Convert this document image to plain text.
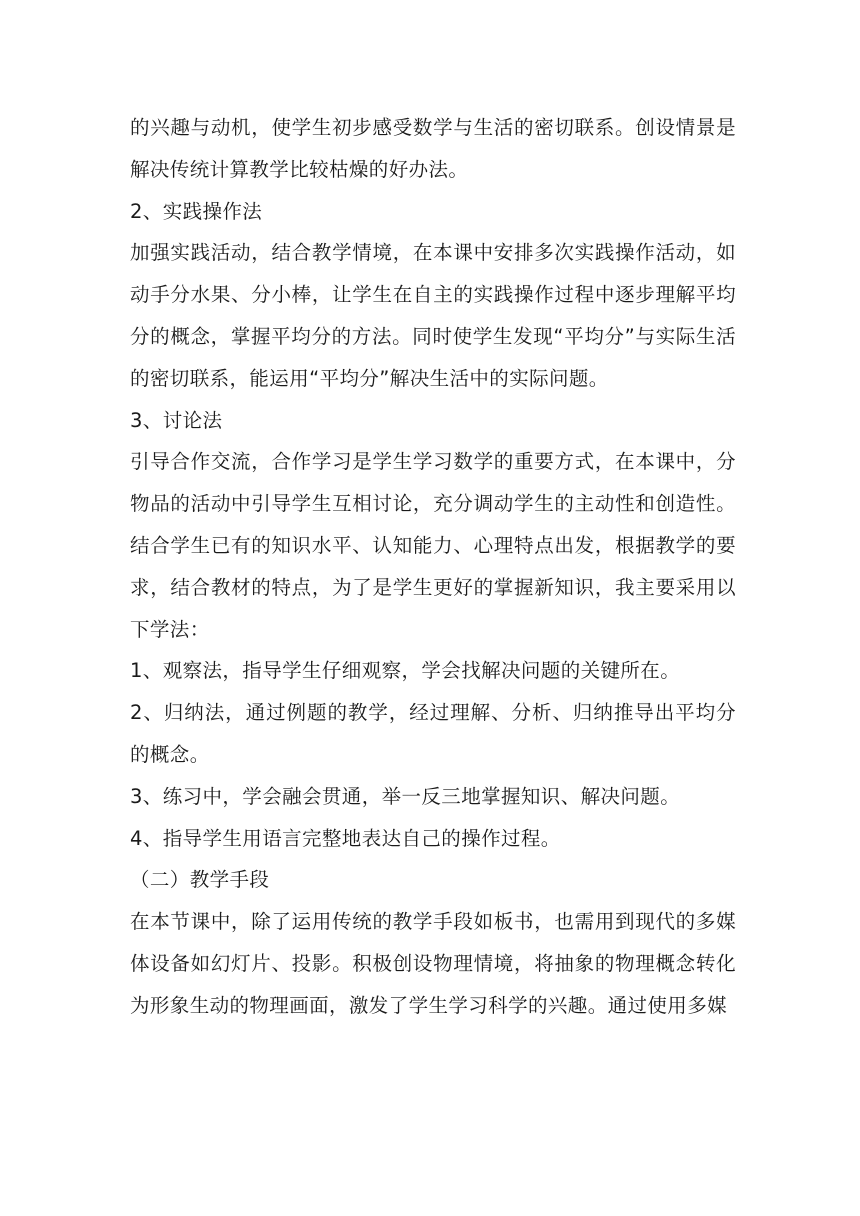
的兴趣与动机，使学生初步感受数学与生活的密切联系。创设情景是解决传统计算教学比较枯燥的好办法。

2、实践操作法

加强实践活动，结合教学情境，在本课中安排多次实践操作活动，如动手分水果、分小棒，让学生在自主的实践操作过程中逐步理解平均分的概念，掌握平均分的方法。同时使学生发现“平均分”与实际生活的密切联系，能运用“平均分”解决生活中的实际问题。

3、讨论法

引导合作交流，合作学习是学生学习数学的重要方式，在本课中，分物品的活动中引导学生互相讨论，充分调动学生的主动性和创造性。结合学生已有的知识水平、认知能力、心理特点出发，根据教学的要求，结合教材的特点，为了是学生更好的掌握新知识，我主要采用以下学法：

1、观察法，指导学生仔细观察，学会找解决问题的关键所在。

2、归纳法，通过例题的教学，经过理解、分析、归纳推导出平均分的概念。

3、练习中，学会融会贯通，举一反三地掌握知识、解决问题。

4、指导学生用语言完整地表达自己的操作过程。

（二）教学手段

在本节课中，除了运用传统的教学手段如板书，也需用到现代的多媒体设备如幻灯片、投影。积极创设物理情境，将抽象的物理概念转化为形象生动的物理画面，激发了学生学习科学的兴趣。通过使用多媒
